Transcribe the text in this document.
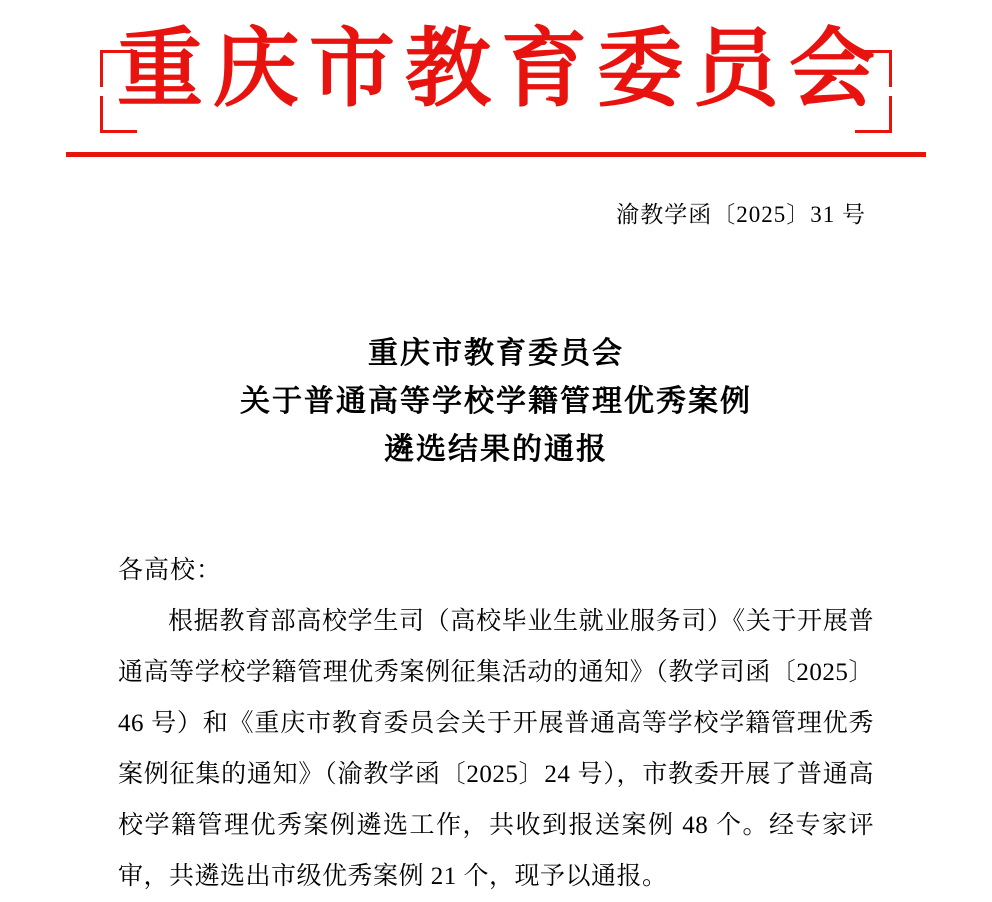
重庆市教育委员会
渝教学函〔2025〕31 号
重庆市教育委员会
关于普通高等学校学籍管理优秀案例
遴选结果的通报

各高校：

根据教育部高校学生司（高校毕业生就业服务司）《关于开展普通高等学校学籍管理优秀案例征集活动的通知》（教学司函〔2025〕46 号）和《重庆市教育委员会关于开展普通高等学校学籍管理优秀案例征集的通知》（渝教学函〔2025〕24 号），市教委开展了普通高校学籍管理优秀案例遴选工作，共收到报送案例 48 个。经专家评审，共遴选出市级优秀案例 21 个，现予以通报。
